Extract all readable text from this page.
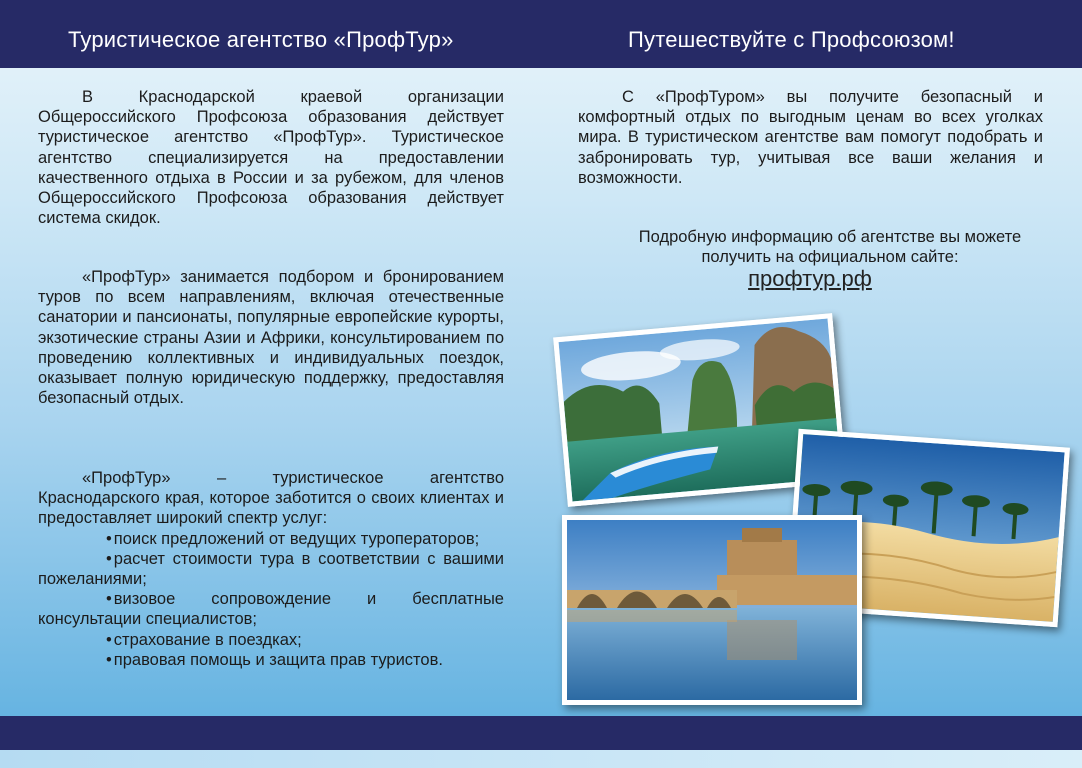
Туристическое агентство «ПрофТур»	Путешествуйте с Профсоюзом!

В Краснодарской краевой организации Общероссийского Профсоюза образования действует туристическое агентство «ПрофТур». Туристическое агентство специализируется на предоставлении качественного отдыха в России и за рубежом, для членов Общероссийского Профсоюза образования действует система скидок.

«ПрофТур» занимается подбором и бронированием туров по всем направлениям, включая отечественные санатории и пансионаты, популярные европейские курорты, экзотические страны Азии и Африки, консультированием по проведению коллективных и индивидуальных поездок, оказывает полную юридическую поддержку, предоставляя безопасный отдых.

«ПрофТур» – туристическое агентство Краснодарского края, которое заботится о своих клиентах и предоставляет широкий спектр услуг:

• поиск предложений от ведущих туроператоров;
• расчет стоимости тура в соответствии с вашими пожеланиями;
• визовое сопровождение и бесплатные консультации специалистов;
• страхование в поездках;
• правовая помощь и защита прав туристов.

С «ПрофТуром» вы получите безопасный и комфортный отдых по выгодным ценам во всех уголках мира. В туристическом агентстве вам помогут подобрать и забронировать тур, учитывая все ваши желания и возможности.

Подробную информацию об агентстве вы можете
получить на официальном сайте:
профтур.рф
